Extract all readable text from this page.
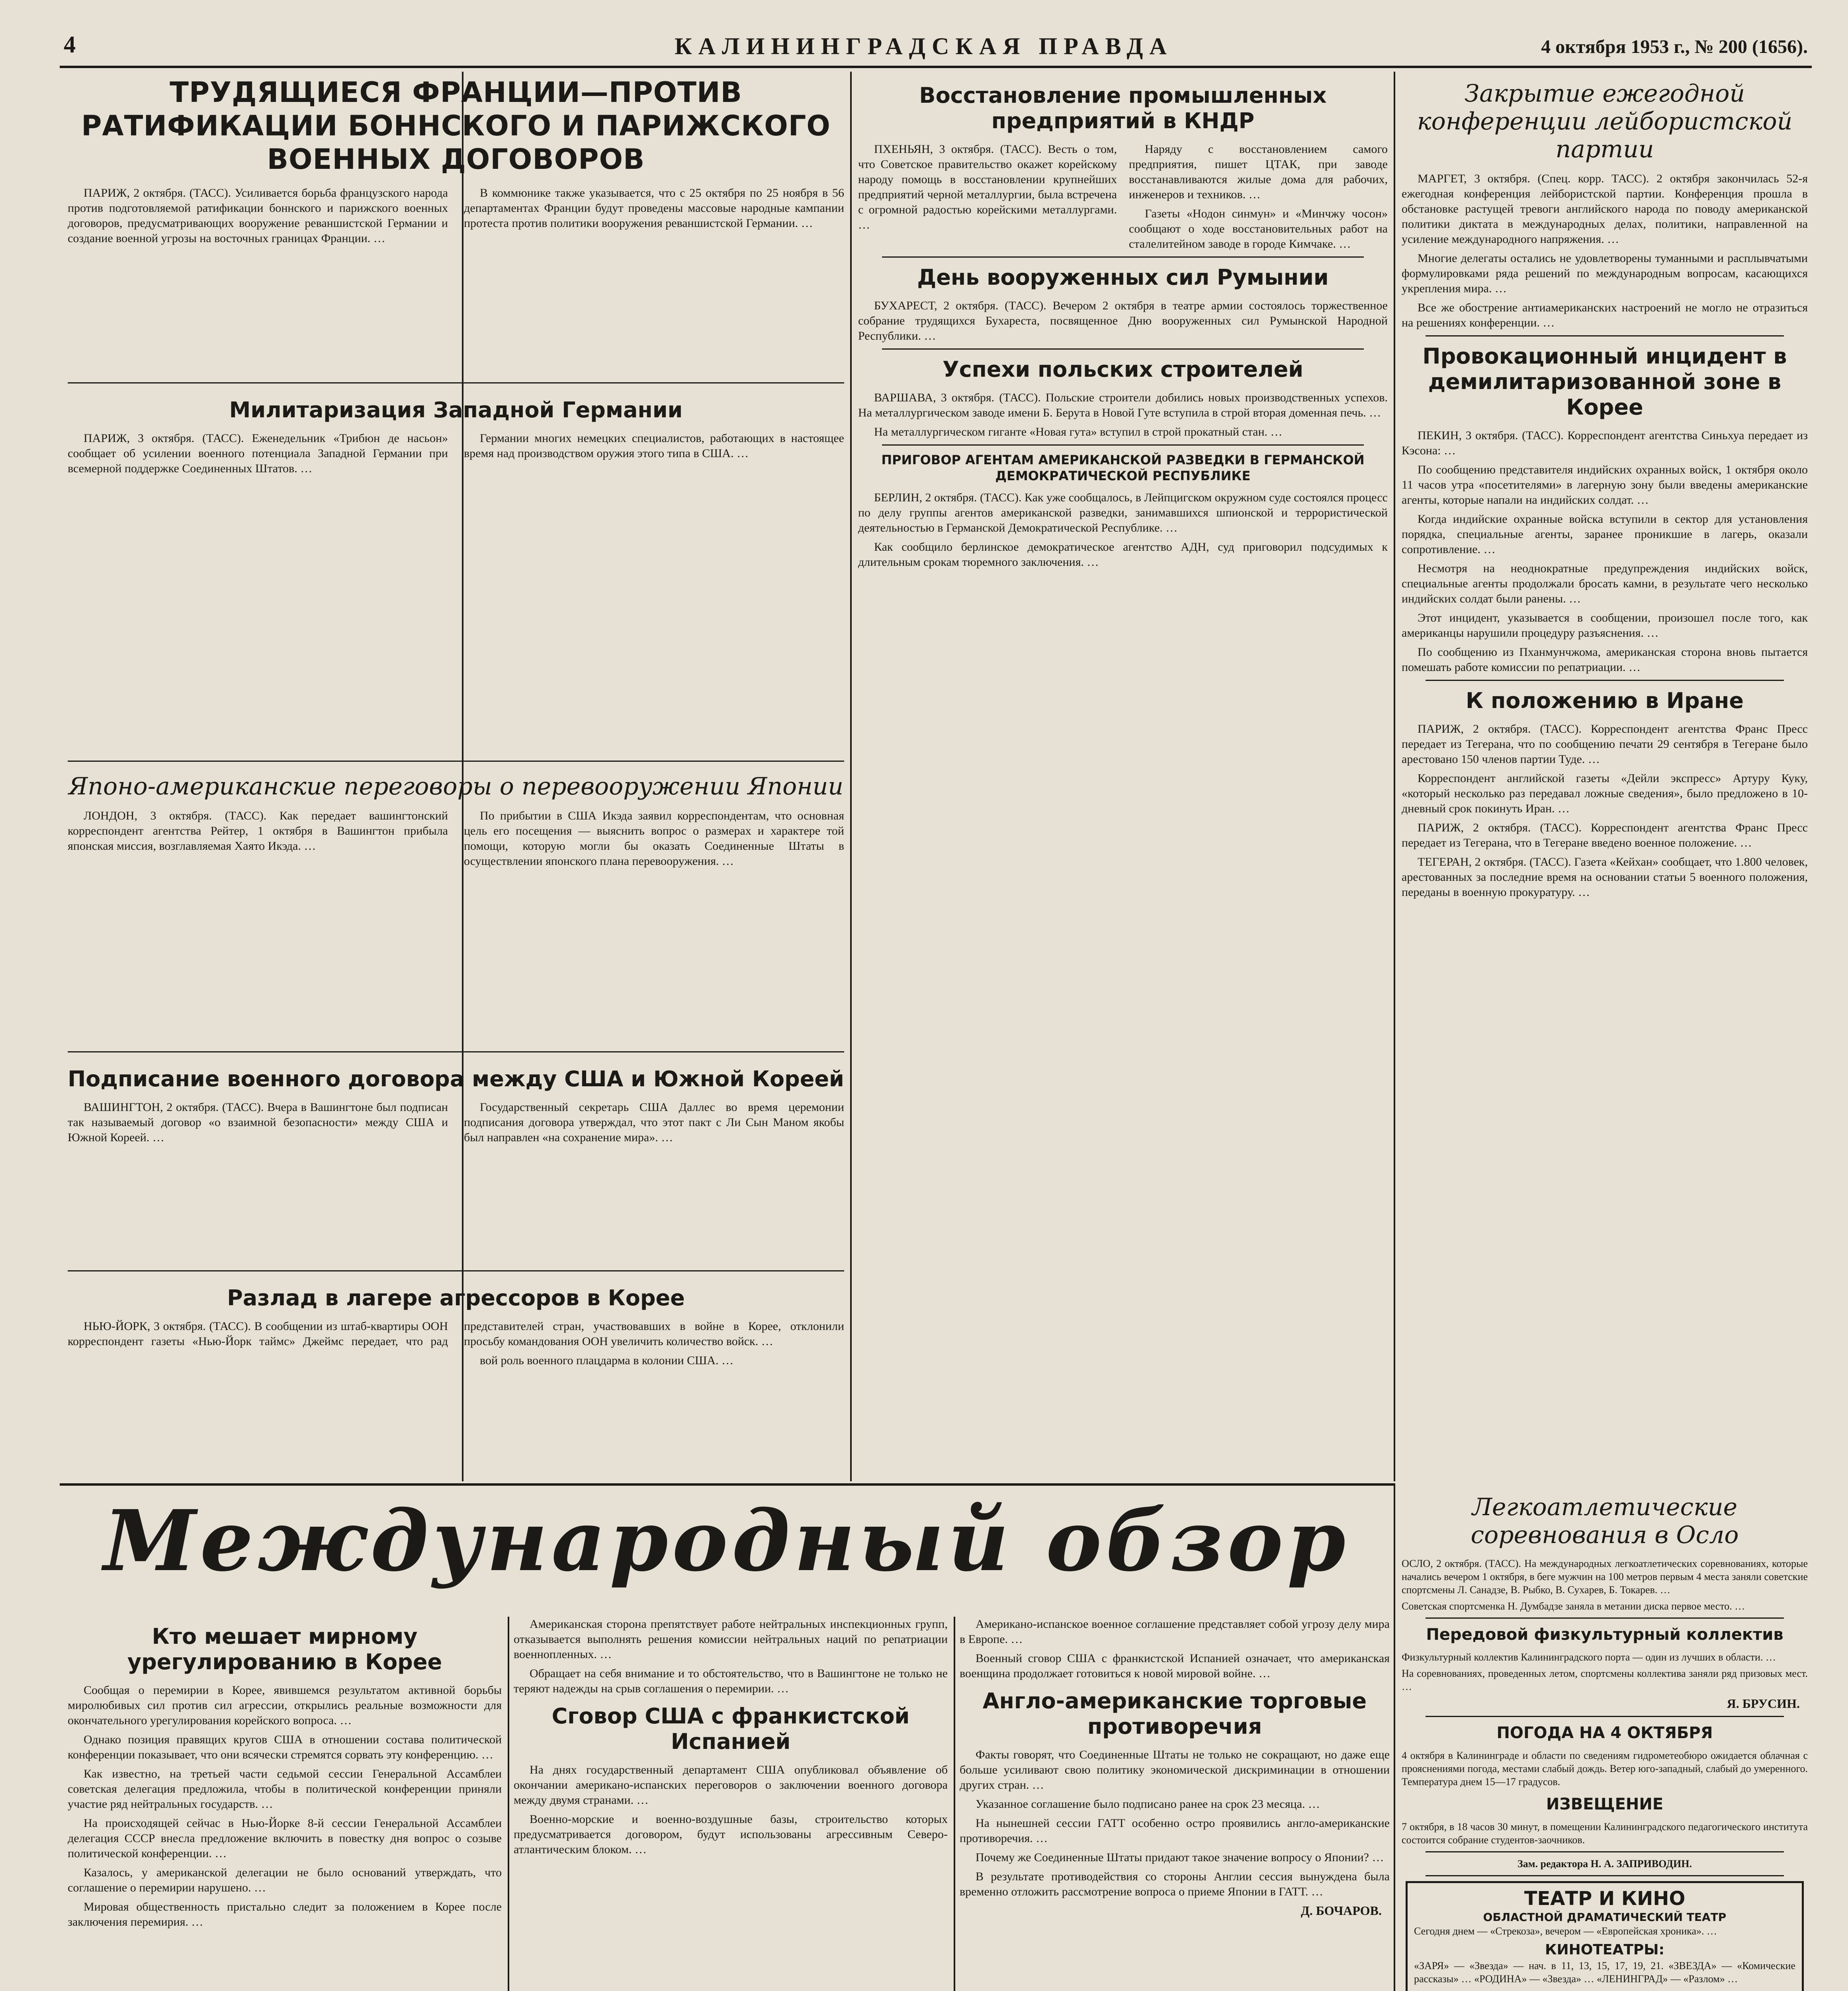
4	КАЛИНИНГРАДСКАЯ ПРАВДА	4 октября 1953 г., № 200 (1656).
ТРУДЯЩИЕСЯ ФРАНЦИИ—ПРОТИВ РАТИФИКАЦИИ БОННСКОГО И ПАРИЖСКОГО ВОЕННЫХ ДОГОВОРОВ

ПАРИЖ, 2 октября. (ТАСС). Усиливается борьба французского народа против подготовляемой ратификации боннского и парижского военных договоров, предусматривающих вооружение реваншистской Германии и создание военной угрозы на восточных границах Франции. …

В коммюнике также указывается, что с 25 октября по 25 ноября в 56 департаментах Франции будут проведены массовые народные кампании протеста против политики вооружения реваншистской Германии. …

Милитаризация Западной Германии

ПАРИЖ, 3 октября. (ТАСС). Еженедельник «Трибюн де насьон» сообщает об усилении военного потенциала Западной Германии при всемерной поддержке Соединенных Штатов. …

Германии многих немецких специалистов, работающих в настоящее время над производством оружия этого типа в США. …

Японо-американские переговоры о перевооружении Японии

ЛОНДОН, 3 октября. (ТАСС). Как передает вашингтонский корреспондент агентства Рейтер, 1 октября в Вашингтон прибыла японская миссия, возглавляемая Хаято Икэда. …

По прибытии в США Икэда заявил корреспондентам, что основная цель его посещения — выяснить вопрос о размерах и характере той помощи, которую могли бы оказать Соединенные Штаты в осуществлении японского плана перевооружения. …

Подписание военного договора между США и Южной Кореей

ВАШИНГТОН, 2 октября. (ТАСС). Вчера в Вашингтоне был подписан так называемый договор «о взаимной безопасности» между США и Южной Кореей. …

Государственный секретарь США Даллес во время церемонии подписания договора утверждал, что этот пакт с Ли Сын Маном якобы был направлен «на сохранение мира». …

Разлад в лагере агрессоров в Корее

НЬЮ-ЙОРК, 3 октября. (ТАСС). В сообщении из штаб-квартиры ООН корреспондент газеты «Нью-Йорк таймс» Джеймс передает, что рад представителей стран, участвовавших в войне в Корее, отклонили просьбу командования ООН увеличить количество войск. …

вой роль военного плацдарма в колонии США. …

Восстановление промышленных предприятий в КНДР

ПХЕНЬЯН, 3 октября. (ТАСС). Весть о том, что Советское правительство окажет корейскому народу помощь в восстановлении крупнейших предприятий черной металлургии, была встречена с огромной радостью корейскими металлургами. …

Наряду с восстановлением самого предприятия, пишет ЦТАК, при заводе восстанавливаются жилые дома для рабочих, инженеров и техников. …

Газеты «Нодон синмун» и «Минчжу чосон» сообщают о ходе восстановительных работ на сталелитейном заводе в городе Кимчаке. …

День вооруженных сил Румынии

БУХАРЕСТ, 2 октября. (ТАСС). Вечером 2 октября в театре армии состоялось торжественное собрание трудящихся Бухареста, посвященное Дню вооруженных сил Румынской Народной Республики. …

Успехи польских строителей

ВАРШАВА, 3 октября. (ТАСС). Польские строители добились новых производственных успехов. На металлургическом заводе имени Б. Берута в Новой Гуте вступила в строй вторая доменная печь. …

На металлургическом гиганте «Новая гута» вступил в строй прокатный стан. …

ПРИГОВОР АГЕНТАМ АМЕРИКАНСКОЙ РАЗВЕДКИ В ГЕРМАНСКОЙ ДЕМОКРАТИЧЕСКОЙ РЕСПУБЛИКЕ

БЕРЛИН, 2 октября. (ТАСС). Как уже сообщалось, в Лейпцигском окружном суде состоялся процесс по делу группы агентов американской разведки, занимавшихся шпионской и террористической деятельностью в Германской Демократической Республике. …

Как сообщило берлинское демократическое агентство АДН, суд приговорил подсудимых к длительным срокам тюремного заключения. …

Закрытие ежегодной конференции лейбористской партии

МАРГЕТ, 3 октября. (Спец. корр. ТАСС). 2 октября закончилась 52-я ежегодная конференция лейбористской партии. Конференция прошла в обстановке растущей тревоги английского народа по поводу американской политики диктата в международных делах, политики, направленной на усиление международного напряжения. …

Многие делегаты остались не удовлетворены туманными и расплывчатыми формулировками ряда решений по международным вопросам, касающихся укрепления мира. …

Все же обострение антиамериканских настроений не могло не отразиться на решениях конференции. …

Провокационный инцидент в демилитаризованной зоне в Корее

ПЕКИН, 3 октября. (ТАСС). Корреспондент агентства Синьхуа передает из Кэсона: …

По сообщению представителя индийских охранных войск, 1 октября около 11 часов утра «посетителями» в лагерную зону были введены американские агенты, которые напали на индийских солдат. …

Когда индийские охранные войска вступили в сектор для установления порядка, специальные агенты, заранее проникшие в лагерь, оказали сопротивление. …

Несмотря на неоднократные предупреждения индийских войск, специальные агенты продолжали бросать камни, в результате чего несколько индийских солдат были ранены. …

Этот инцидент, указывается в сообщении, произошел после того, как американцы нарушили процедуру разъяснения. …

По сообщению из Пханмунчжома, американская сторона вновь пытается помешать работе комиссии по репатриации. …

К положению в Иране

ПАРИЖ, 2 октября. (ТАСС). Корреспондент агентства Франс Пресс передает из Тегерана, что по сообщению печати 29 сентября в Тегеране было арестовано 150 членов партии Туде. …

Корреспондент английской газеты «Дейли экспресс» Артуру Куку, «который несколько раз передавал ложные сведения», было предложено в 10-дневный срок покинуть Иран. …

ПАРИЖ, 2 октября. (ТАСС). Корреспондент агентства Франс Пресс передает из Тегерана, что в Тегеране введено военное положение. …

ТЕГЕРАН, 2 октября. (ТАСС). Газета «Кейхан» сообщает, что 1.800 человек, арестованных за последние время на основании статьи 5 военного положения, переданы в военную прокуратуру. …

Международный обзор
Кто мешает мирному урегулированию в Корее

Сообщая о перемирии в Корее, явившемся результатом активной борьбы миролюбивых сил против сил агрессии, открылись реальные возможности для окончательного урегулирования корейского вопроса. …

Однако позиция правящих кругов США в отношении состава политической конференции показывает, что они всячески стремятся сорвать эту конференцию. …

Как известно, на третьей части седьмой сессии Генеральной Ассамблеи советская делегация предложила, чтобы в политической конференции приняли участие ряд нейтральных государств. …

На происходящей сейчас в Нью-Йорке 8-й сессии Генеральной Ассамблеи делегация СССР внесла предложение включить в повестку дня вопрос о созыве политической конференции. …

Казалось, у американской делегации не было оснований утверждать, что соглашение о перемирии нарушено. …

Мировая общественность пристально следит за положением в Корее после заключения перемирия. …

Американская сторона препятствует работе нейтральных инспекционных групп, отказывается выполнять решения комиссии нейтральных наций по репатриации военнопленных. …

Обращает на себя внимание и то обстоятельство, что в Вашингтоне не только не теряют надежды на срыв соглашения о перемирии. …

Сговор США с франкистской Испанией

На днях государственный департамент США опубликовал объявление об окончании американо-испанских переговоров о заключении военного договора между двумя странами. …

Военно-морские и военно-воздушные базы, строительство которых предусматривается договором, будут использованы агрессивным Северо-атлантическим блоком. …

Американо-испанское военное соглашение представляет собой угрозу делу мира в Европе. …

Военный сговор США с франкистской Испанией означает, что американская военщина продолжает готовиться к новой мировой войне. …

Англо-американские торговые противоречия

Факты говорят, что Соединенные Штаты не только не сокращают, но даже еще больше усиливают свою политику экономической дискриминации в отношении других стран. …

Указанное соглашение было подписано ранее на срок 23 месяца. …

На нынешней сессии ГАТТ особенно остро проявились англо-американские противоречия. …

Почему же Соединенные Штаты придают такое значение вопросу о Японии? …

В результате противодействия со стороны Англии сессия вынуждена была временно отложить рассмотрение вопроса о приеме Японии в ГАТТ. …

Д. БОЧАРОВ.
Легкоатлетические соревнования в Осло

ОСЛО, 2 октября. (ТАСС). На международных легкоатлетических соревнованиях, которые начались вечером 1 октября, в беге мужчин на 100 метров первым 4 места заняли советские спортсмены Л. Санадзе, В. Рыбко, В. Сухарев, Б. Токарев. …

Советская спортсменка Н. Думбадзе заняла в метании диска первое место. …

Передовой физкультурный коллектив

Физкультурный коллектив Калининградского порта — один из лучших в области. …

На соревнованиях, проведенных летом, спортсмены коллектива заняли ряд призовых мест. …

Я. БРУСИН.
ПОГОДА НА 4 ОКТЯБРЯ

4 октября в Калининграде и области по сведениям гидрометеобюро ожидается облачная с прояснениями погода, местами слабый дождь. Ветер юго-западный, слабый до умеренного. Температура днем 15—17 градусов.

ИЗВЕЩЕНИЕ

7 октября, в 18 часов 30 минут, в помещении Калининградского педагогического института состоится собрание студентов-заочников.

Зам. редактора Н. А. ЗАПРИВОДИН.
ТЕАТР И КИНО
ОБЛАСТНОЙ ДРАМАТИЧЕСКИЙ ТЕАТР

Сегодня днем — «Стрекоза», вечером — «Европейская хроника». …

КИНОТЕАТРЫ:

«ЗАРЯ» — «Звезда» — нач. в 11, 13, 15, 17, 19, 21. «ЗВЕЗДА» — «Комические рассказы» … «РОДИНА» — «Звезда» … «ЛЕНИНГРАД» — «Разлом» …
